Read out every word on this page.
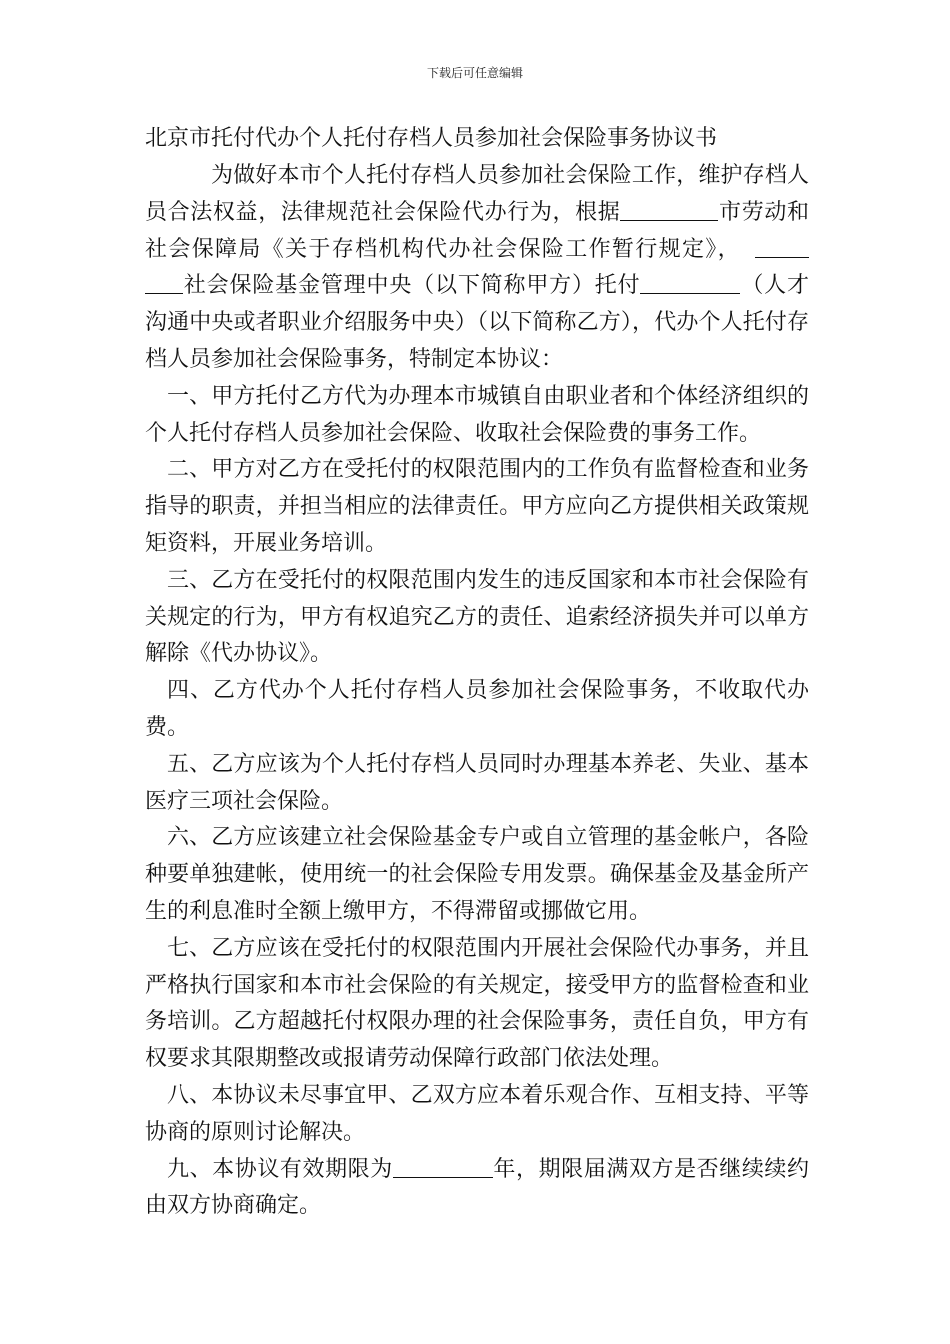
下载后可任意编辑
北京市托付代办个人托付存档人员参加社会保险事务协议书

为做好本市个人托付存档人员参加社会保险工作，维护存档人员合法权益，法律规范社会保险代办行为，根据	市劳动和社会保障局《关于存档机构代办社会保险工作暂行规定》，社会保险基金管理中央（以下简称甲方）托付	（人才沟通中央或者职业介绍服务中央）（以下简称乙方），代办个人托付存档人员参加社会保险事务，特制定本协议：

一、甲方托付乙方代为办理本市城镇自由职业者和个体经济组织的个人托付存档人员参加社会保险、收取社会保险费的事务工作。

二、甲方对乙方在受托付的权限范围内的工作负有监督检查和业务指导的职责，并担当相应的法律责任。甲方应向乙方提供相关政策规矩资料，开展业务培训。

三、乙方在受托付的权限范围内发生的违反国家和本市社会保险有关规定的行为，甲方有权追究乙方的责任、追索经济损失并可以单方解除《代办协议》。

四、乙方代办个人托付存档人员参加社会保险事务，不收取代办费。

五、乙方应该为个人托付存档人员同时办理基本养老、失业、基本医疗三项社会保险。

六、乙方应该建立社会保险基金专户或自立管理的基金帐户，各险种要单独建帐，使用统一的社会保险专用发票。确保基金及基金所产生的利息准时全额上缴甲方，不得滞留或挪做它用。

七、乙方应该在受托付的权限范围内开展社会保险代办事务，并且严格执行国家和本市社会保险的有关规定，接受甲方的监督检查和业务培训。乙方超越托付权限办理的社会保险事务，责任自负，甲方有权要求其限期整改或报请劳动保障行政部门依法处理。

八、本协议未尽事宜甲、乙双方应本着乐观合作、互相支持、平等协商的原则讨论解决。

九、本协议有效期限为	年，期限届满双方是否继续续约由双方协商确定。
